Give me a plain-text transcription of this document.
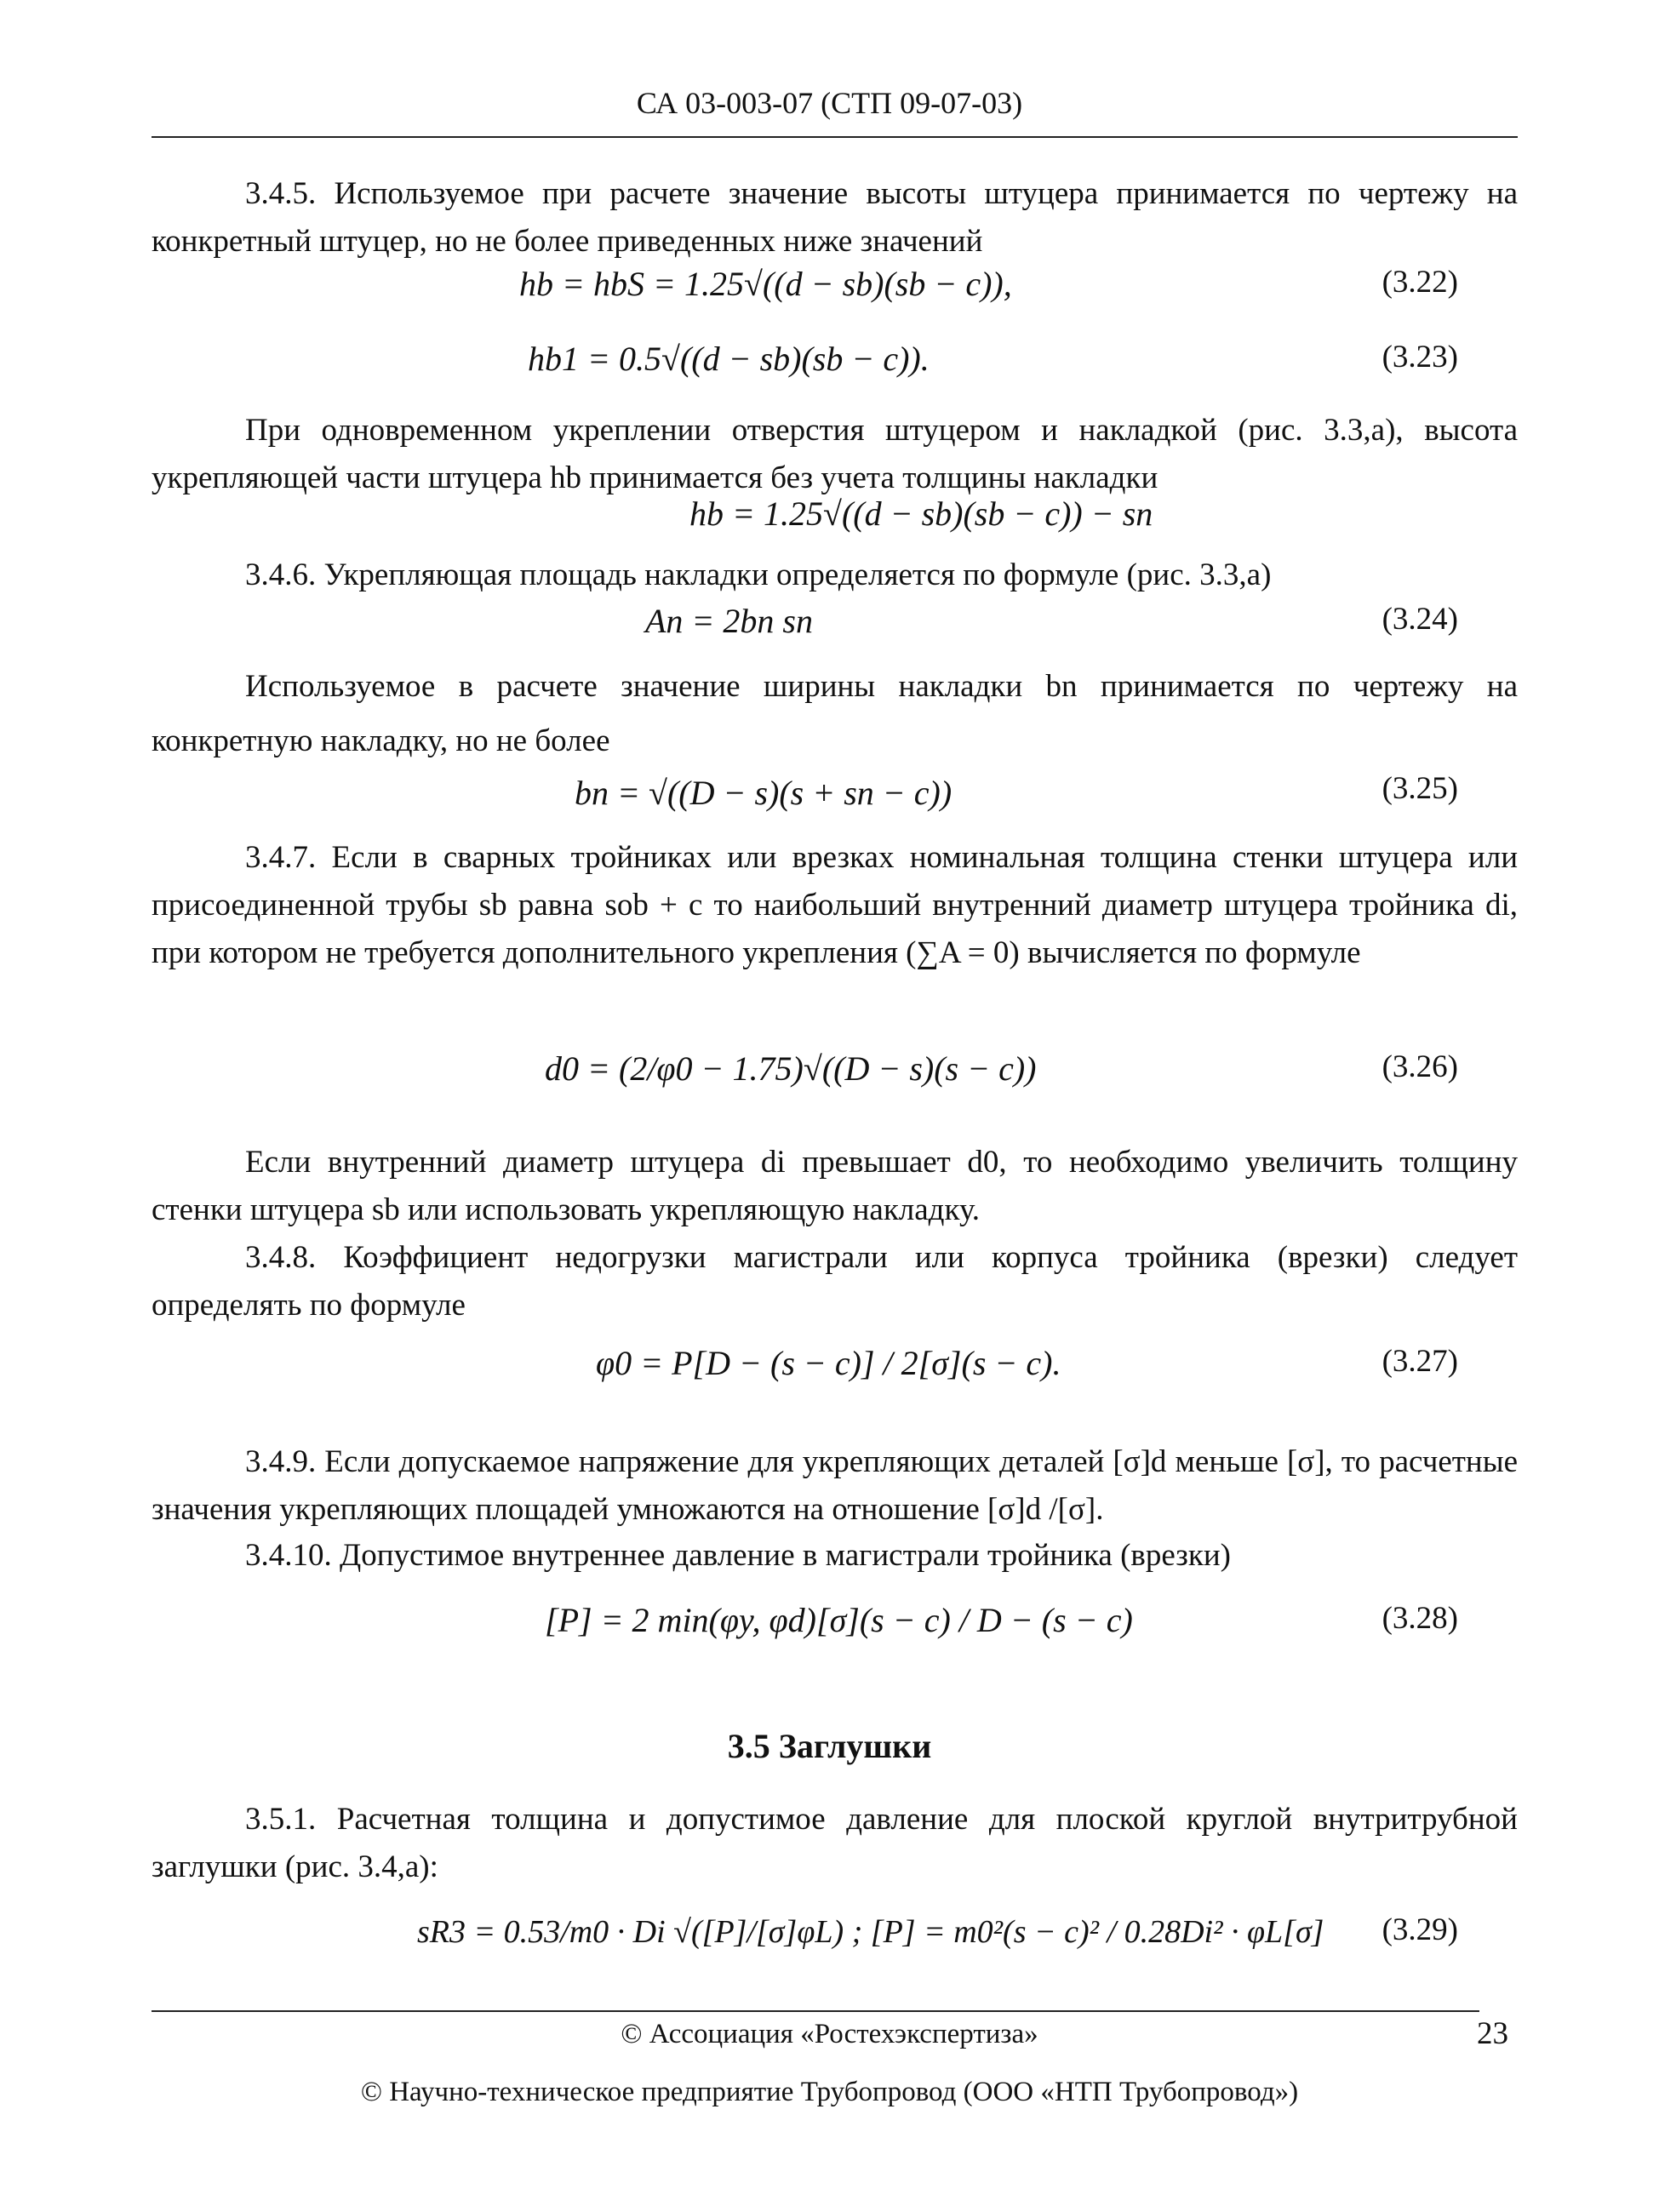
СА 03-003-07 (СТП 09-07-03)
3.4.5. Используемое при расчете значение высоты штуцера принимается по чертежу на конкретный штуцер, но не более приведенных ниже значений
hb = hbS = 1.25√((d − sb)(sb − c)),	(3.22)
hb1 = 0.5√((d − sb)(sb − c)).	(3.23)
При одновременном укреплении отверстия штуцером и накладкой (рис. 3.3,а), высота укрепляющей части штуцера hb принимается без учета толщины накладки
hb = 1.25√((d − sb)(sb − c)) − sn
3.4.6. Укрепляющая площадь накладки определяется по формуле (рис. 3.3,а)
An = 2bn sn	(3.24)
Используемое в расчете значение ширины накладки bn принимается по чертежу на конкретную накладку, но не более
bn = √((D − s)(s + sn − c))	(3.25)
3.4.7. Если в сварных тройниках или врезках номинальная толщина стенки штуцера или присоединенной трубы sb равна sob + c то наибольший внутренний диаметр штуцера тройника di, при котором не требуется дополнительного укрепления (∑A = 0) вычисляется по формуле
d0 = (2/φ0 − 1.75)√((D − s)(s − c))	(3.26)
Если внутренний диаметр штуцера di превышает d0, то необходимо увеличить толщину стенки штуцера sb или использовать укрепляющую накладку.
3.4.8. Коэффициент недогрузки магистрали или корпуса тройника (врезки) следует определять по формуле
φ0 = P[D − (s − c)] / 2[σ](s − c).	(3.27)
3.4.9. Если допускаемое напряжение для укрепляющих деталей [σ]d меньше [σ], то расчетные значения укрепляющих площадей умножаются на отношение [σ]d /[σ].
3.4.10. Допустимое внутреннее давление в магистрали тройника (врезки)
[P] = 2 min(φy, φd)[σ](s − c) / D − (s − c)	(3.28)
3.5 Заглушки
3.5.1. Расчетная толщина и допустимое давление для плоской круглой внутритрубной заглушки (рис. 3.4,а):
sR3 = 0.53/m0 · Di √([P]/[σ]φL) ; [P] = m0²(s − c)² / 0.28Di² · φL[σ] (3.29)
© Ассоциация «Ростехэкспертиза»	23
© Научно-техническое предприятие Трубопровод (ООО «НТП Трубопровод»)
